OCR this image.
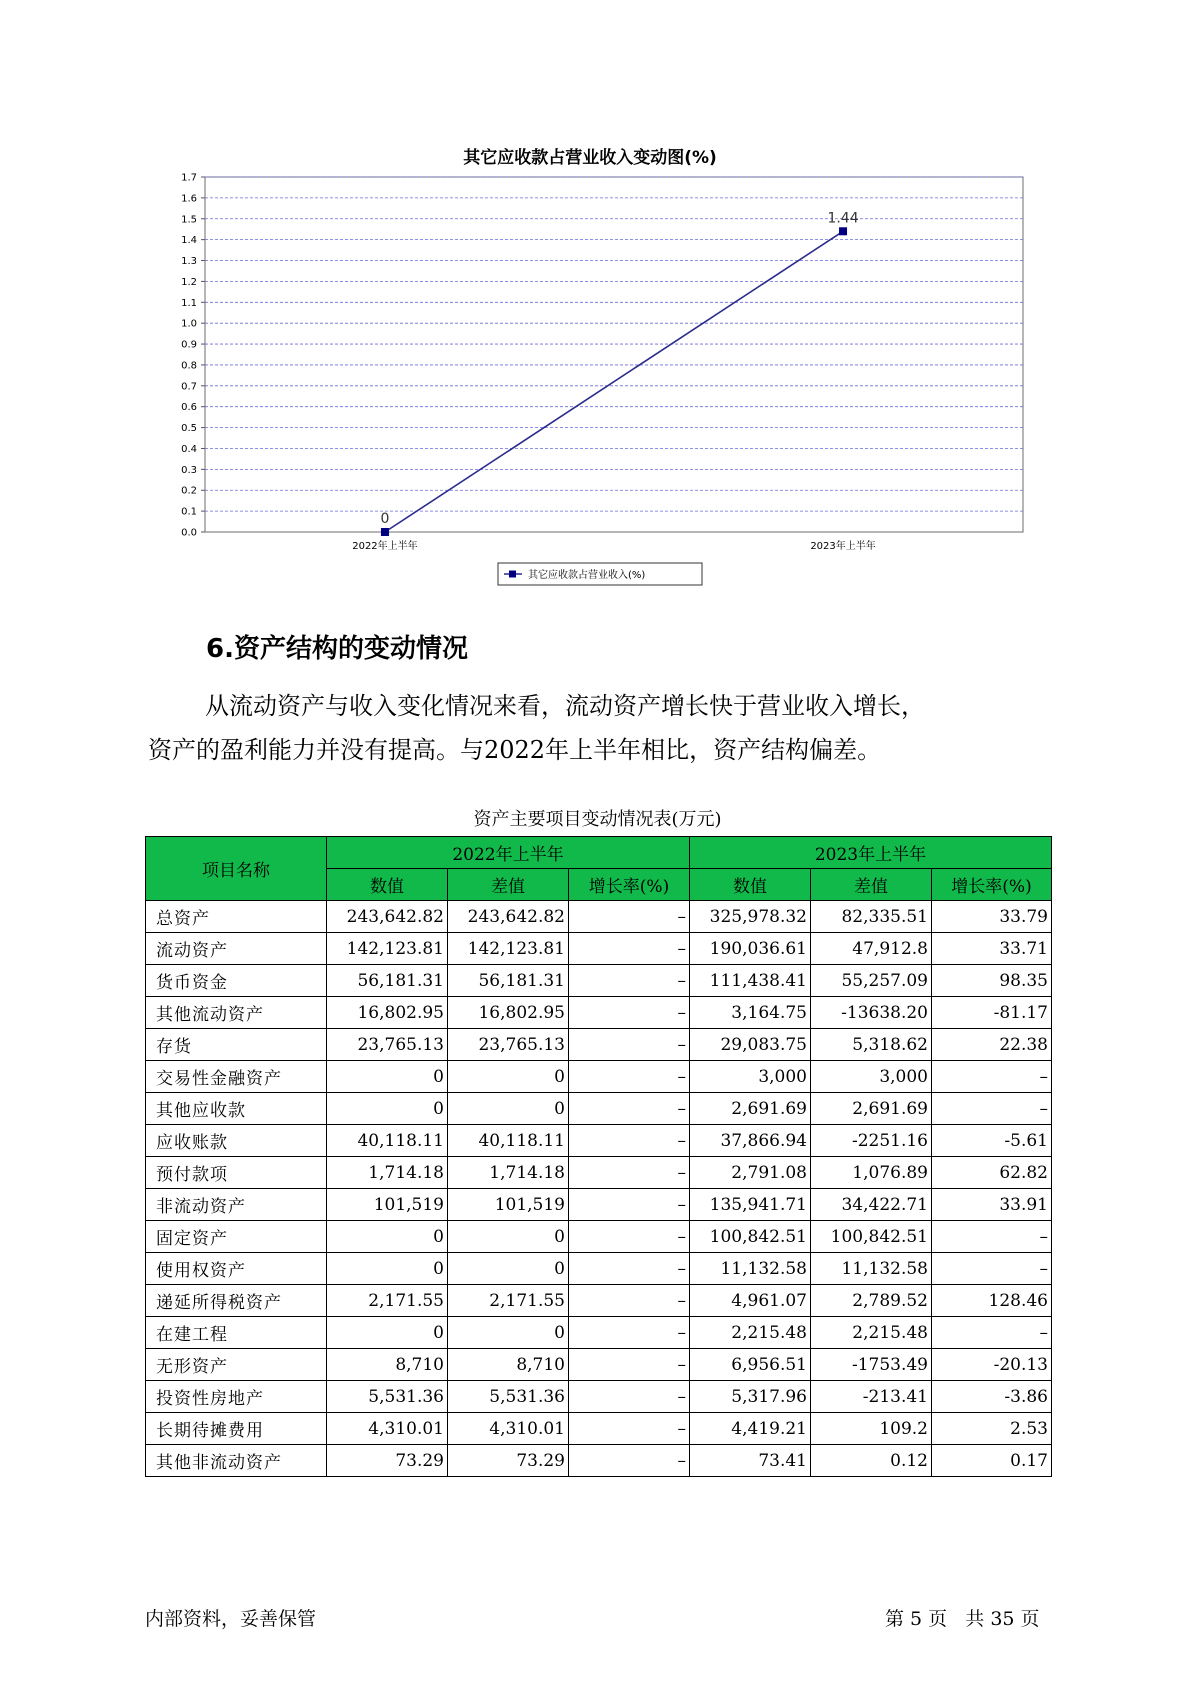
其它应收款占营业收入变动图(%)
0.0
0.1
0.2
0.3
0.4
0.5
0.6
0.7
0.8
0.9
1.0
1.1
1.2
1.3
1.4
1.5
1.6
1.7
2022年上半年	2023年上半年
0
1.44
其它应收款占营业收入(%)
6.资产结构的变动情况
从流动资产与收入变化情况来看，流动资产增长快于营业收入增长，
资产的盈利能力并没有提高。与2022年上半年相比，资产结构偏差。
资产主要项目变动情况表(万元)
项目名称	2022年上半年			2023年上半年		
	数值	差值	增长率(%)	数值	差值	增长率(%)
总资产	243,642.82	243,642.82	–	325,978.32	82,335.51	33.79
流动资产	142,123.81	142,123.81	–	190,036.61	47,912.8	33.71
货币资金	56,181.31	56,181.31	–	111,438.41	55,257.09	98.35
其他流动资产	16,802.95	16,802.95	–	3,164.75	-13638.20	-81.17
存货	23,765.13	23,765.13	–	29,083.75	5,318.62	22.38
交易性金融资产	0	0	–	3,000	3,000	–
其他应收款	0	0	–	2,691.69	2,691.69	–
应收账款	40,118.11	40,118.11	–	37,866.94	-2251.16	-5.61
预付款项	1,714.18	1,714.18	–	2,791.08	1,076.89	62.82
非流动资产	101,519	101,519	–	135,941.71	34,422.71	33.91
固定资产	0	0	–	100,842.51	100,842.51	–
使用权资产	0	0	–	11,132.58	11,132.58	–
递延所得税资产	2,171.55	2,171.55	–	4,961.07	2,789.52	128.46
在建工程	0	0	–	2,215.48	2,215.48	–
无形资产	8,710	8,710	–	6,956.51	-1753.49	-20.13
投资性房地产	5,531.36	5,531.36	–	5,317.96	-213.41	-3.86
长期待摊费用	4,310.01	4,310.01	–	4,419.21	109.2	2.53
其他非流动资产	73.29	73.29	–	73.41	0.12	0.17
内部资料，妥善保管	第 5 页   共 35 页
